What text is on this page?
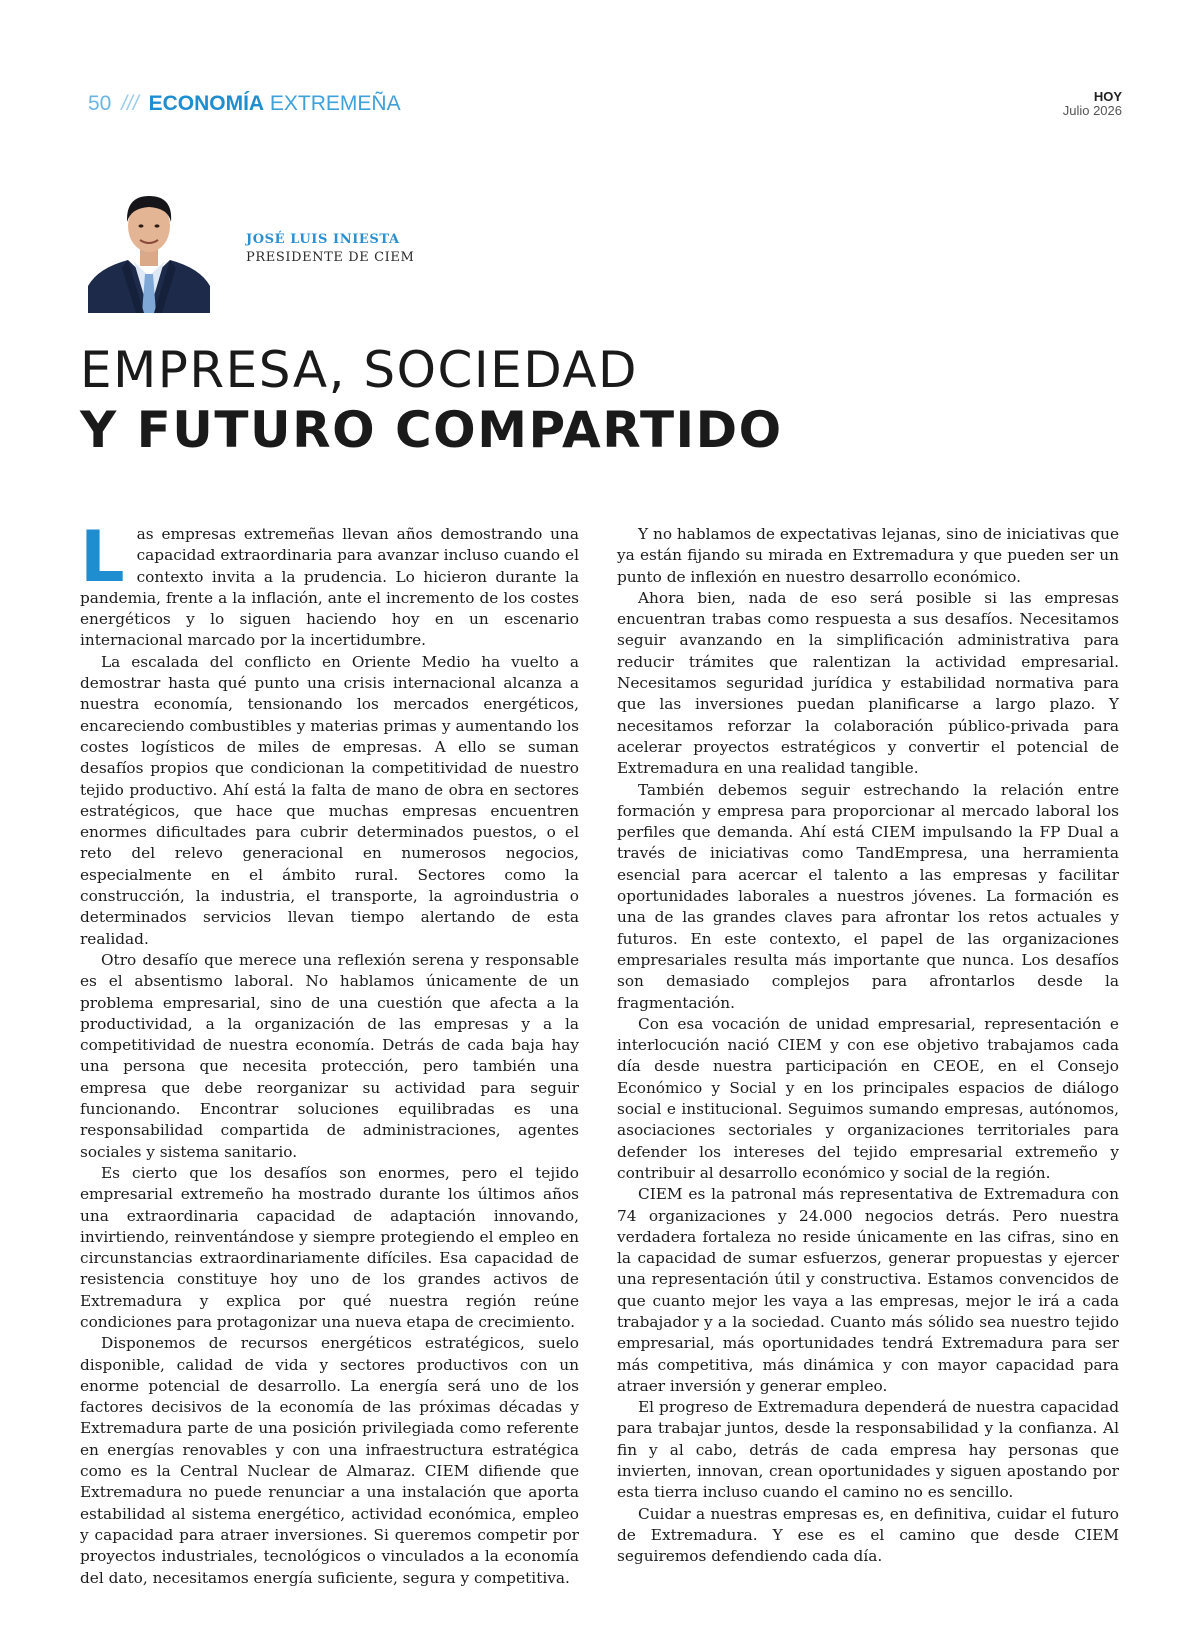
50 /// ECONOMÍA EXTREMEÑA	HOY
Julio 2026
JOSÉ LUIS INIESTA
PRESIDENTE DE CIEM
EMPRESA, SOCIEDAD
Y FUTURO COMPARTIDO
L as empresas extremeñas llevan años demostrando una capacidad extraordinaria para avanzar incluso cuando el contexto invita a la prudencia. Lo hicieron durante la pandemia, frente a la inflación, ante el incremento de los costes energéticos y lo siguen haciendo hoy en un escenario internacional marcado por la incertidumbre.

La escalada del conflicto en Oriente Medio ha vuelto a demostrar hasta qué punto una crisis internacional alcanza a nuestra economía, tensionando los mercados energéticos, encareciendo combustibles y materias primas y aumentando los costes logísticos de miles de empresas. A ello se suman desafíos propios que condicionan la competitividad de nuestro tejido productivo. Ahí está la falta de mano de obra en sectores estratégicos, que hace que muchas empresas encuentren enormes dificultades para cubrir determinados puestos, o el reto del relevo generacional en numerosos negocios, especialmente en el ámbito rural. Sectores como la construcción, la industria, el transporte, la agroindustria o determinados servicios llevan tiempo alertando de esta realidad.

Otro desafío que merece una reflexión serena y responsable es el absentismo laboral. No hablamos únicamente de un problema empresarial, sino de una cuestión que afecta a la productividad, a la organización de las empresas y a la competitividad de nuestra economía. Detrás de cada baja hay una persona que necesita protección, pero también una empresa que debe reorganizar su actividad para seguir funcionando. Encontrar soluciones equilibradas es una responsabilidad compartida de administraciones, agentes sociales y sistema sanitario.

Es cierto que los desafíos son enormes, pero el tejido empresarial extremeño ha mostrado durante los últimos años una extraordinaria capacidad de adaptación innovando, invirtiendo, reinventándose y siempre protegiendo el empleo en circunstancias extraordinariamente difíciles. Esa capacidad de resistencia constituye hoy uno de los grandes activos de Extremadura y explica por qué nuestra región reúne condiciones para protagonizar una nueva etapa de crecimiento.

Disponemos de recursos energéticos estratégicos, suelo disponible, calidad de vida y sectores productivos con un enorme potencial de desarrollo. La energía será uno de los factores decisivos de la economía de las próximas décadas y Extremadura parte de una posición privilegiada como referente en energías renovables y con una infraestructura estratégica como es la Central Nuclear de Almaraz. CIEM difiende que Extremadura no puede renunciar a una instalación que aporta estabilidad al sistema energético, actividad económica, empleo y capacidad para atraer inversiones. Si queremos competir por proyectos industriales, tecnológicos o vinculados a la economía del dato, necesitamos energía suficiente, segura y competitiva.

Y no hablamos de expectativas lejanas, sino de iniciativas que ya están fijando su mirada en Extremadura y que pueden ser un punto de inflexión en nuestro desarrollo económico.

Ahora bien, nada de eso será posible si las empresas encuentran trabas como respuesta a sus desafíos. Necesitamos seguir avanzando en la simplificación administrativa para reducir trámites que ralentizan la actividad empresarial. Necesitamos seguridad jurídica y estabilidad normativa para que las inversiones puedan planificarse a largo plazo. Y necesitamos reforzar la colaboración público-privada para acelerar proyectos estratégicos y convertir el potencial de Extremadura en una realidad tangible.

También debemos seguir estrechando la relación entre formación y empresa para proporcionar al mercado laboral los perfiles que demanda. Ahí está CIEM impulsando la FP Dual a través de iniciativas como TandEmpresa, una herramienta esencial para acercar el talento a las empresas y facilitar oportunidades laborales a nuestros jóvenes. La formación es una de las grandes claves para afrontar los retos actuales y futuros. En este contexto, el papel de las organizaciones empresariales resulta más importante que nunca. Los desafíos son demasiado complejos para afrontarlos desde la fragmentación.

Con esa vocación de unidad empresarial, representación e interlocución nació CIEM y con ese objetivo trabajamos cada día desde nuestra participación en CEOE, en el Consejo Económico y Social y en los principales espacios de diálogo social e institucional. Seguimos sumando empresas, autónomos, asociaciones sectoriales y organizaciones territoriales para defender los intereses del tejido empresarial extremeño y contribuir al desarrollo económico y social de la región.

CIEM es la patronal más representativa de Extremadura con 74 organizaciones y 24.000 negocios detrás. Pero nuestra verdadera fortaleza no reside únicamente en las cifras, sino en la capacidad de sumar esfuerzos, generar propuestas y ejercer una representación útil y constructiva. Estamos convencidos de que cuanto mejor les vaya a las empresas, mejor le irá a cada trabajador y a la sociedad. Cuanto más sólido sea nuestro tejido empresarial, más oportunidades tendrá Extremadura para ser más competitiva, más dinámica y con mayor capacidad para atraer inversión y generar empleo.

El progreso de Extremadura dependerá de nuestra capacidad para trabajar juntos, desde la responsabilidad y la confianza. Al fin y al cabo, detrás de cada empresa hay personas que invierten, innovan, crean oportunidades y siguen apostando por esta tierra incluso cuando el camino no es sencillo.

Cuidar a nuestras empresas es, en definitiva, cuidar el futuro de Extremadura. Y ese es el camino que desde CIEM seguiremos defendiendo cada día.
